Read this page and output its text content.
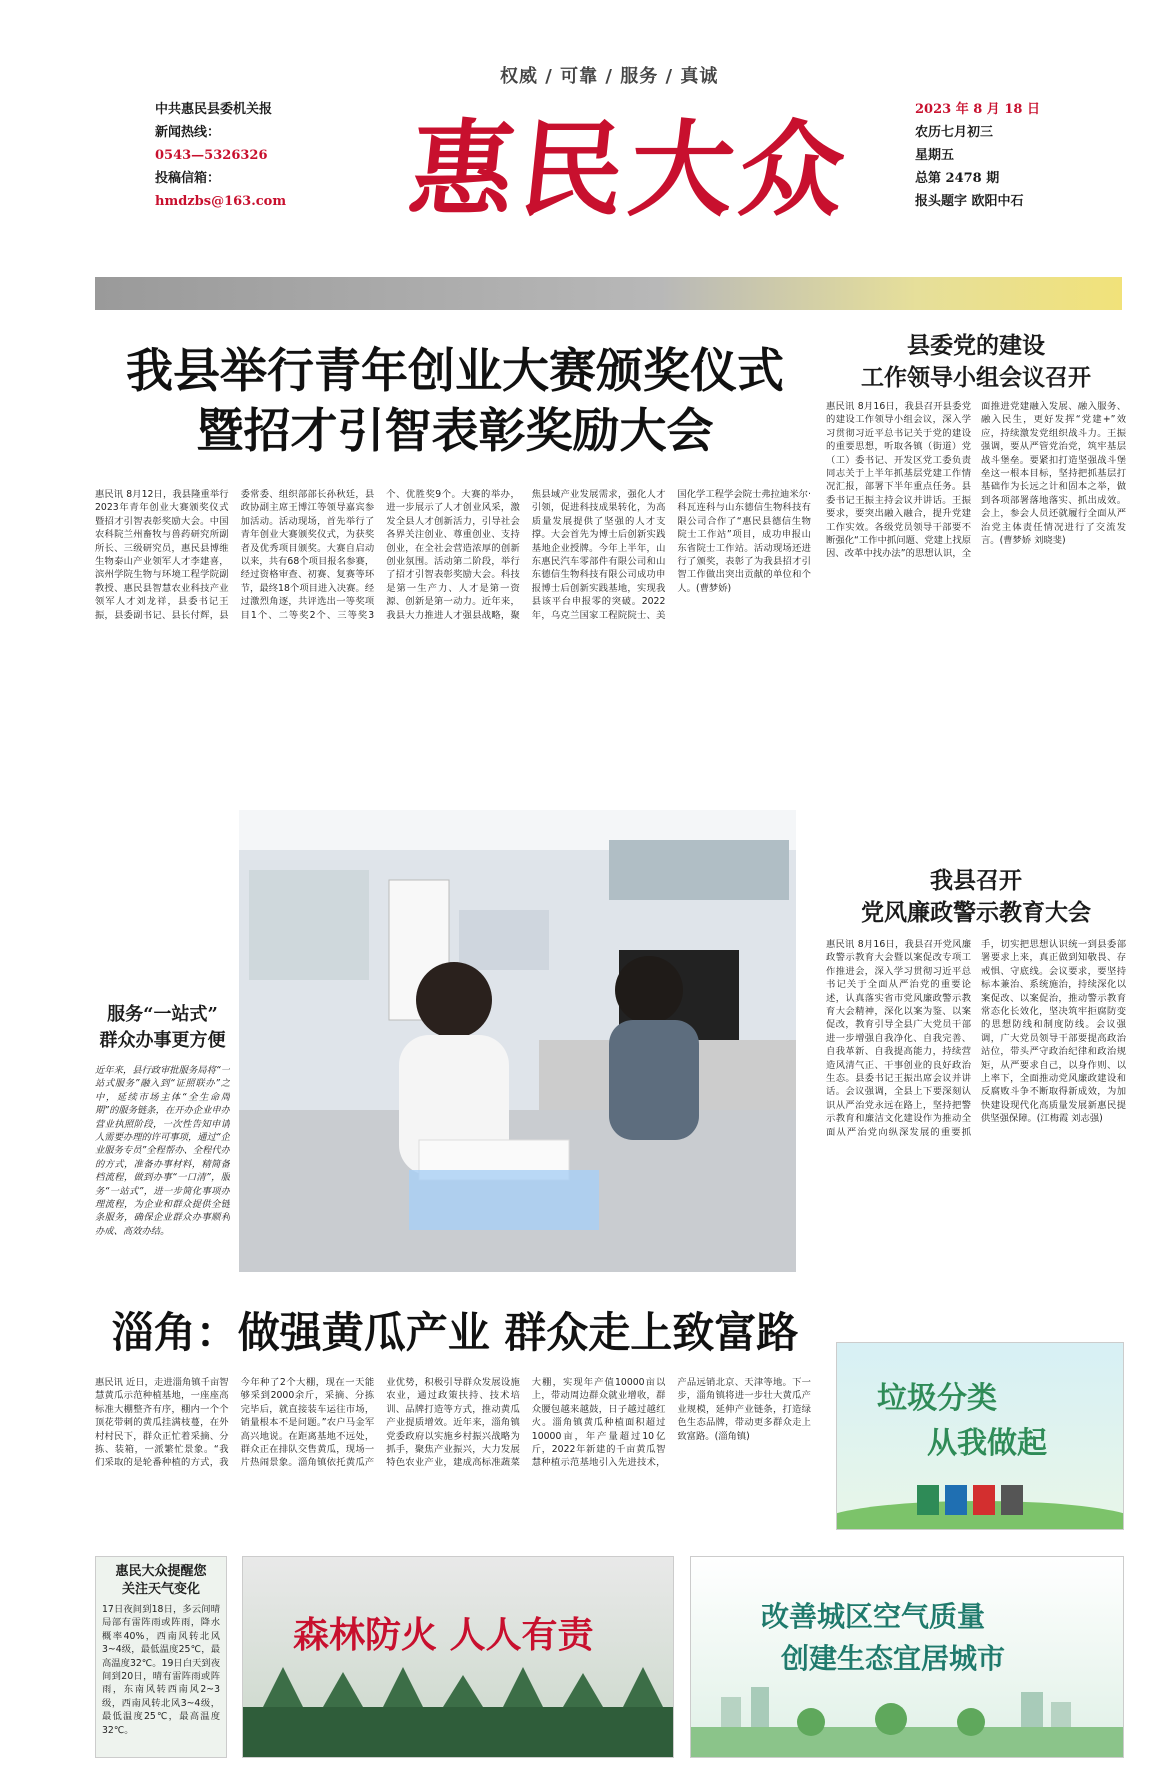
权威 / 可靠 / 服务 / 真诚
中共惠民县委机关报
新闻热线：
0543—5326326
投稿信箱：
hmdzbs@163.com 惠民大众	2023 年 8 月 18 日
农历七月初三
星期五
总第 2478 期
报头题字 欧阳中石
我县举行青年创业大赛颁奖仪式
暨招才引智表彰奖励大会
惠民讯 8月12日，我县隆重举行2023年青年创业大赛颁奖仪式暨招才引智表彰奖励大会。中国农科院兰州畜牧与兽药研究所副所长、三级研究员，惠民县博维生物泰山产业领军人才李建喜，滨州学院生物与环境工程学院副教授、惠民县智慧农业科技产业领军人才刘龙祥，县委书记王振，县委副书记、县长付辉，县委常委、组织部部长孙秋廷，县政协副主席王博江等领导嘉宾参加活动。活动现场，首先举行了青年创业大赛颁奖仪式，为获奖者及优秀项目颁奖。大赛自启动以来，共有68个项目报名参赛，经过资格审查、初赛、复赛等环节，最终18个项目进入决赛。经过激烈角逐，共评选出一等奖项目1个、二等奖2个、三等奖3个、优胜奖9个。大赛的举办，进一步展示了人才创业风采，激发全县人才创新活力，引导社会各界关注创业、尊重创业、支持创业，在全社会营造浓厚的创新创业氛围。活动第二阶段，举行了招才引智表彰奖励大会。科技是第一生产力、人才是第一资源、创新是第一动力。近年来，我县大力推进人才强县战略，聚焦县域产业发展需求，强化人才引领，促进科技成果转化，为高质量发展提供了坚强的人才支撑。大会首先为博士后创新实践基地企业授牌。今年上半年，山东惠民汽车零部件有限公司和山东德信生物科技有限公司成功申报博士后创新实践基地，实现我县该平台申报零的突破。2022年，乌克兰国家工程院院士、美国化学工程学会院士弗拉迪米尔·科瓦连科与山东德信生物科技有限公司合作了“惠民县德信生物院士工作站”项目，成功申报山东省院士工作站。活动现场还进行了颁奖，表彰了为我县招才引智工作做出突出贡献的单位和个人。(曹梦娇)
县委党的建设
工作领导小组会议召开
惠民讯 8月16日，我县召开县委党的建设工作领导小组会议，深入学习贯彻习近平总书记关于党的建设的重要思想，听取各镇（街道）党（工）委书记、开发区党工委负责同志关于上半年抓基层党建工作情况汇报，部署下半年重点任务。县委书记王振主持会议并讲话。王振要求，要突出融入融合，提升党建工作实效。各级党员领导干部要不断强化“工作中抓问题、党建上找原因、改革中找办法”的思想认识，全面推进党建融入发展、融入服务、融入民生，更好发挥“党建+”效应，持续激发党组织战斗力。王振强调，要从严管党治党，筑牢基层战斗堡垒。要紧扣打造坚强战斗堡垒这一根本目标，坚持把抓基层打基础作为长远之计和固本之举，做到各项部署落地落实、抓出成效。会上，参会人员还就履行全面从严治党主体责任情况进行了交流发言。(曹梦娇 刘晓斐)
服务“一站式”
群众办事更方便
近年来，县行政审批服务局将“一站式服务”融入到“证照联办”之中，延续市场主体“全生命周期”的服务链条，在开办企业申办营业执照阶段，一次性告知申请人需要办理的许可事项，通过“企业服务专员”全程帮办、全程代办的方式，准备办事材料，精简备档流程，做到办事“一口清”，服务“一站式”，进一步简化事项办理流程，为企业和群众提供全链条服务，确保企业群众办事顺利办成、高效办结。
我县召开
党风廉政警示教育大会
惠民讯 8月16日，我县召开党风廉政警示教育大会暨以案促改专项工作推进会，深入学习贯彻习近平总书记关于全面从严治党的重要论述，认真落实省市党风廉政警示教育大会精神，深化以案为鉴、以案促改，教育引导全县广大党员干部进一步增强自我净化、自我完善、自我革新、自我提高能力，持续营造风清气正、干事创业的良好政治生态。县委书记王振出席会议并讲话。会议强调，全县上下要深刻认识从严治党永远在路上，坚持把警示教育和廉洁文化建设作为推动全面从严治党向纵深发展的重要抓手，切实把思想认识统一到县委部署要求上来，真正做到知敬畏、存戒惧、守底线。会议要求，要坚持标本兼治、系统施治，持续深化以案促改、以案促治，推动警示教育常态化长效化，坚决筑牢拒腐防变的思想防线和制度防线。会议强调，广大党员领导干部要提高政治站位，带头严守政治纪律和政治规矩，从严要求自己，以身作则、以上率下，全面推动党风廉政建设和反腐败斗争不断取得新成效，为加快建设现代化高质量发展新惠民提供坚强保障。(江梅霞 刘志强)
淄角：做强黄瓜产业 群众走上致富路
惠民讯 近日，走进淄角镇千亩智慧黄瓜示范种植基地，一座座高标准大棚整齐有序，棚内一个个顶花带刺的黄瓜挂满枝蔓，在外村村民下，群众正忙着采摘、分拣、装箱，一派繁忙景象。“我们采取的是轮番种植的方式，我今年种了2个大棚，现在一天能够采到2000余斤，采摘、分拣完毕后，就直接装车运往市场，销量根本不是问题。”农户马金军高兴地说。在距离基地不远处，群众正在排队交售黄瓜，现场一片热闹景象。淄角镇依托黄瓜产业优势，积极引导群众发展设施农业，通过政策扶持、技术培训、品牌打造等方式，推动黄瓜产业提质增效。近年来，淄角镇党委政府以实施乡村振兴战略为抓手，聚焦产业振兴，大力发展特色农业产业，建成高标准蔬菜大棚，实现年产值10000亩以上，带动周边群众就业增收，群众腰包越来越鼓，日子越过越红火。淄角镇黄瓜种植面积超过10000亩，年产量超过10亿斤，2022年新建的千亩黄瓜智慧种植示范基地引入先进技术，产品远销北京、天津等地。下一步，淄角镇将进一步壮大黄瓜产业规模，延伸产业链条，打造绿色生态品牌，带动更多群众走上致富路。(淄角镇)
垃圾分类
从我做起
惠民大众提醒您
关注天气变化
17日夜间到18日，多云间晴局部有雷阵雨或阵雨，降水概率40%，西南风转北风3~4级，最低温度25℃，最高温度32℃。19日白天到夜间到20日，晴有雷阵雨或阵雨，东南风转西南风2~3级，西南风转北风3~4级，最低温度25℃，最高温度32℃。
森林防火 人人有责	改善城区空气质量
创建生态宜居城市
